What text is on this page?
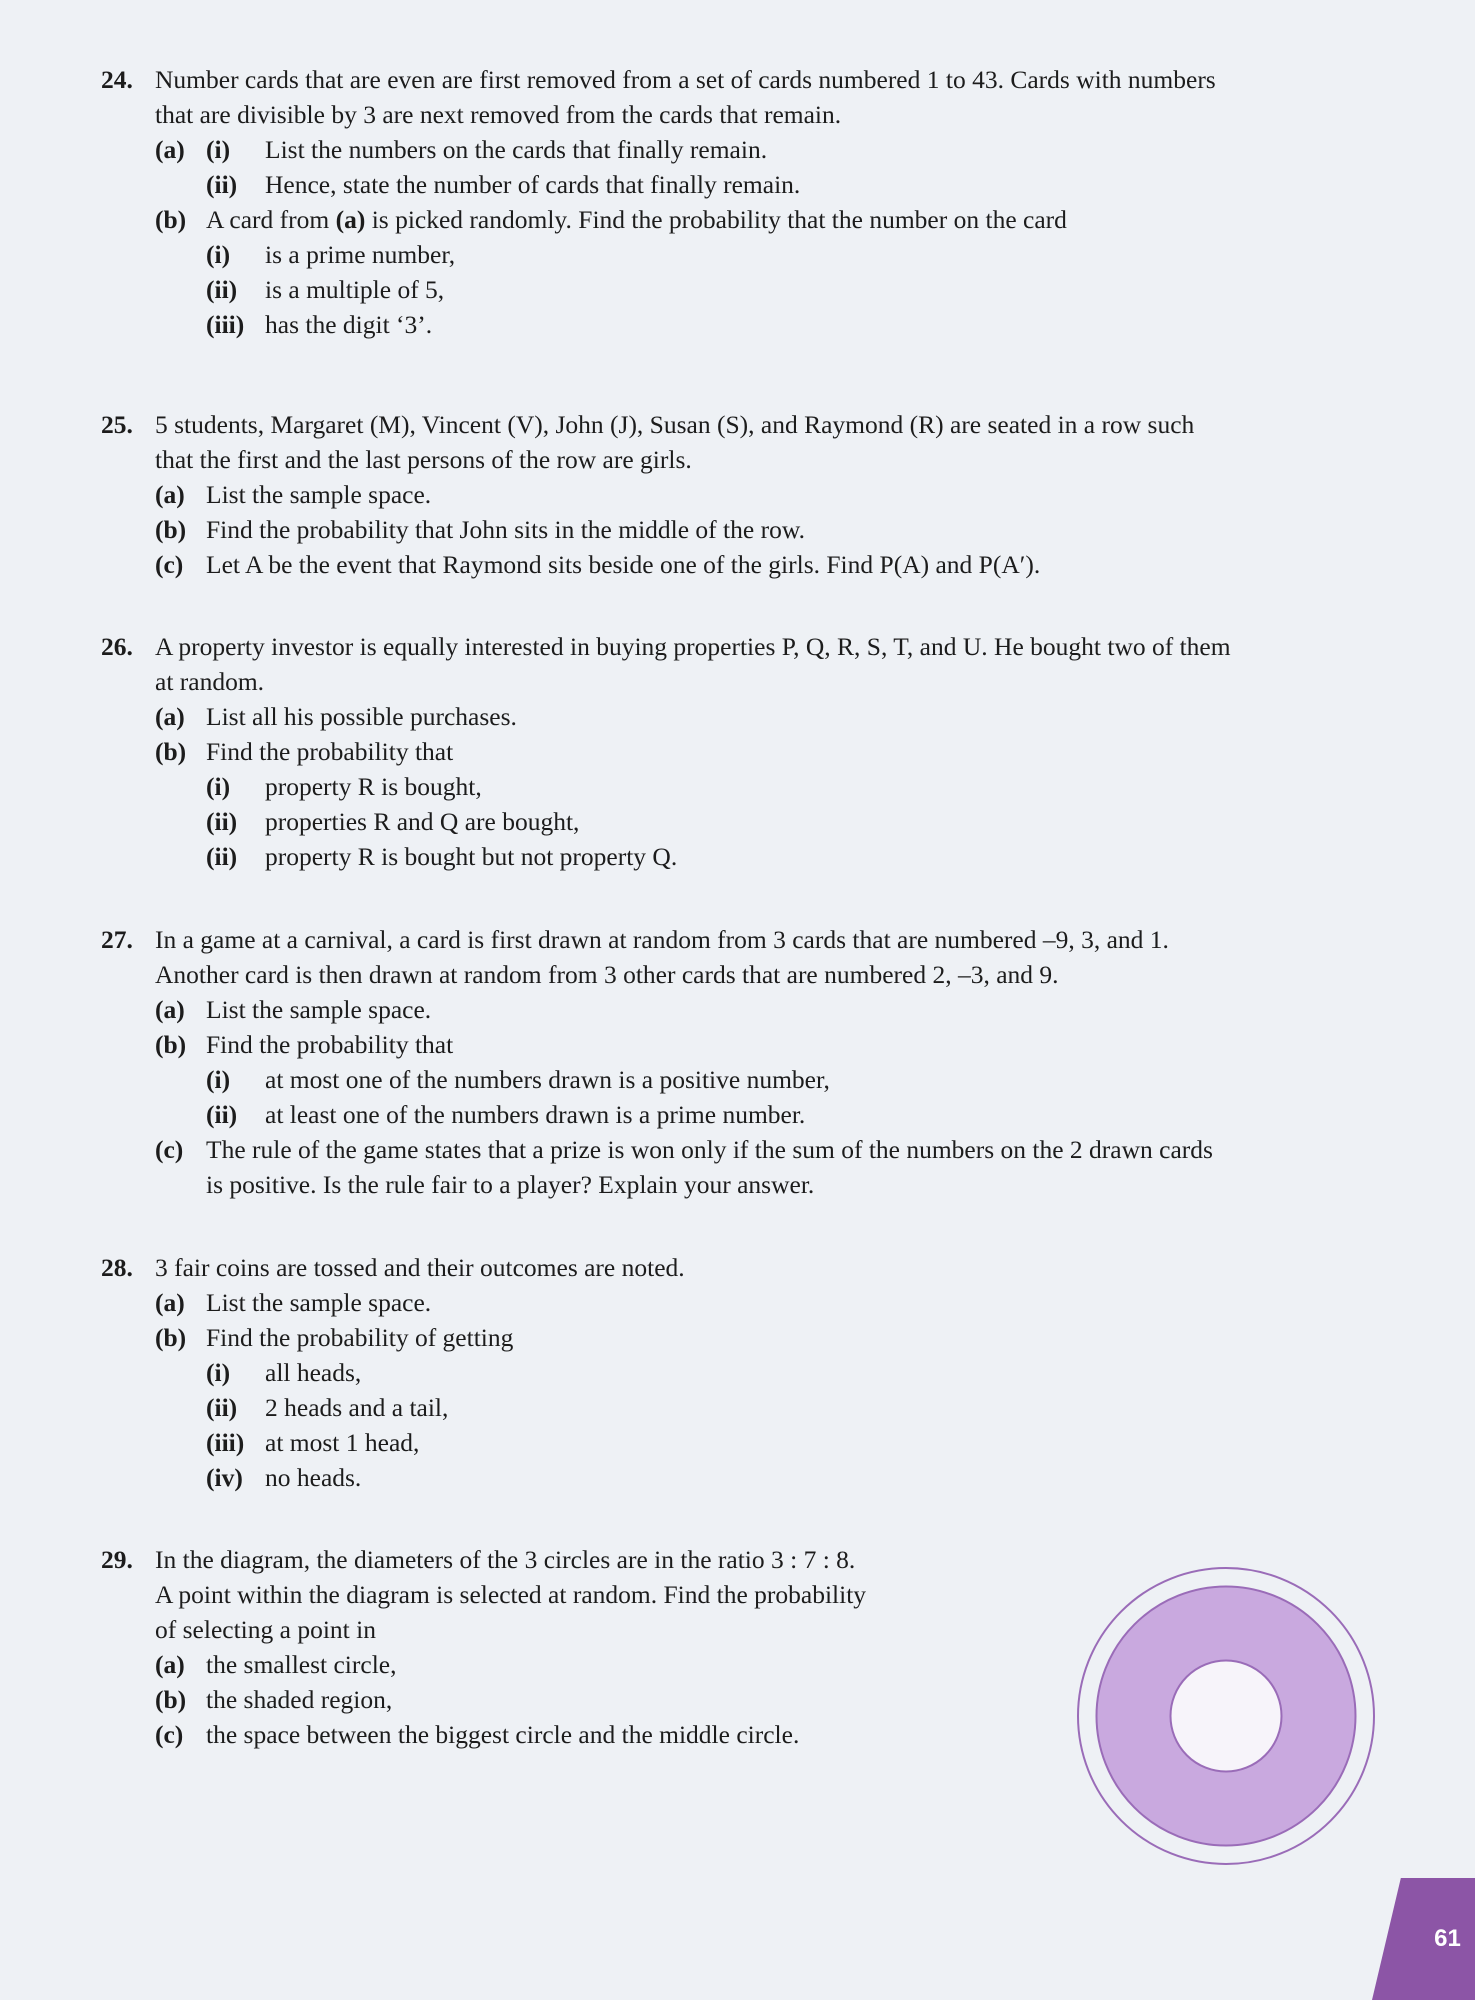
24. Number cards that are even are first removed from a set of cards numbered 1 to 43. Cards with numbers
that are divisible by 3 are next removed from the cards that remain.
(a) (i) List the numbers on the cards that finally remain.
(ii) Hence, state the number of cards that finally remain.
(b) A card from (a) is picked randomly. Find the probability that the number on the card
(i) is a prime number,
(ii) is a multiple of 5,
(iii) has the digit ‘3’.
25. 5 students, Margaret (M), Vincent (V), John (J), Susan (S), and Raymond (R) are seated in a row such
that the first and the last persons of the row are girls.
(a) List the sample space.
(b) Find the probability that John sits in the middle of the row.
(c) Let A be the event that Raymond sits beside one of the girls. Find P(A) and P(A′).
26. A property investor is equally interested in buying properties P, Q, R, S, T, and U. He bought two of them
at random.
(a) List all his possible purchases.
(b) Find the probability that
(i) property R is bought,
(ii) properties R and Q are bought,
(ii) property R is bought but not property Q.
27. In a game at a carnival, a card is first drawn at random from 3 cards that are numbered –9, 3, and 1.
Another card is then drawn at random from 3 other cards that are numbered 2, –3, and 9.
(a) List the sample space.
(b) Find the probability that
(i) at most one of the numbers drawn is a positive number,
(ii) at least one of the numbers drawn is a prime number.
(c) The rule of the game states that a prize is won only if the sum of the numbers on the 2 drawn cards
is positive. Is the rule fair to a player? Explain your answer.
28. 3 fair coins are tossed and their outcomes are noted.
(a) List the sample space.
(b) Find the probability of getting
(i) all heads,
(ii) 2 heads and a tail,
(iii) at most 1 head,
(iv) no heads.
29. In the diagram, the diameters of the 3 circles are in the ratio 3 : 7 : 8.
A point within the diagram is selected at random. Find the probability
of selecting a point in
(a) the smallest circle,
(b) the shaded region,
(c) the space between the biggest circle and the middle circle.
61
